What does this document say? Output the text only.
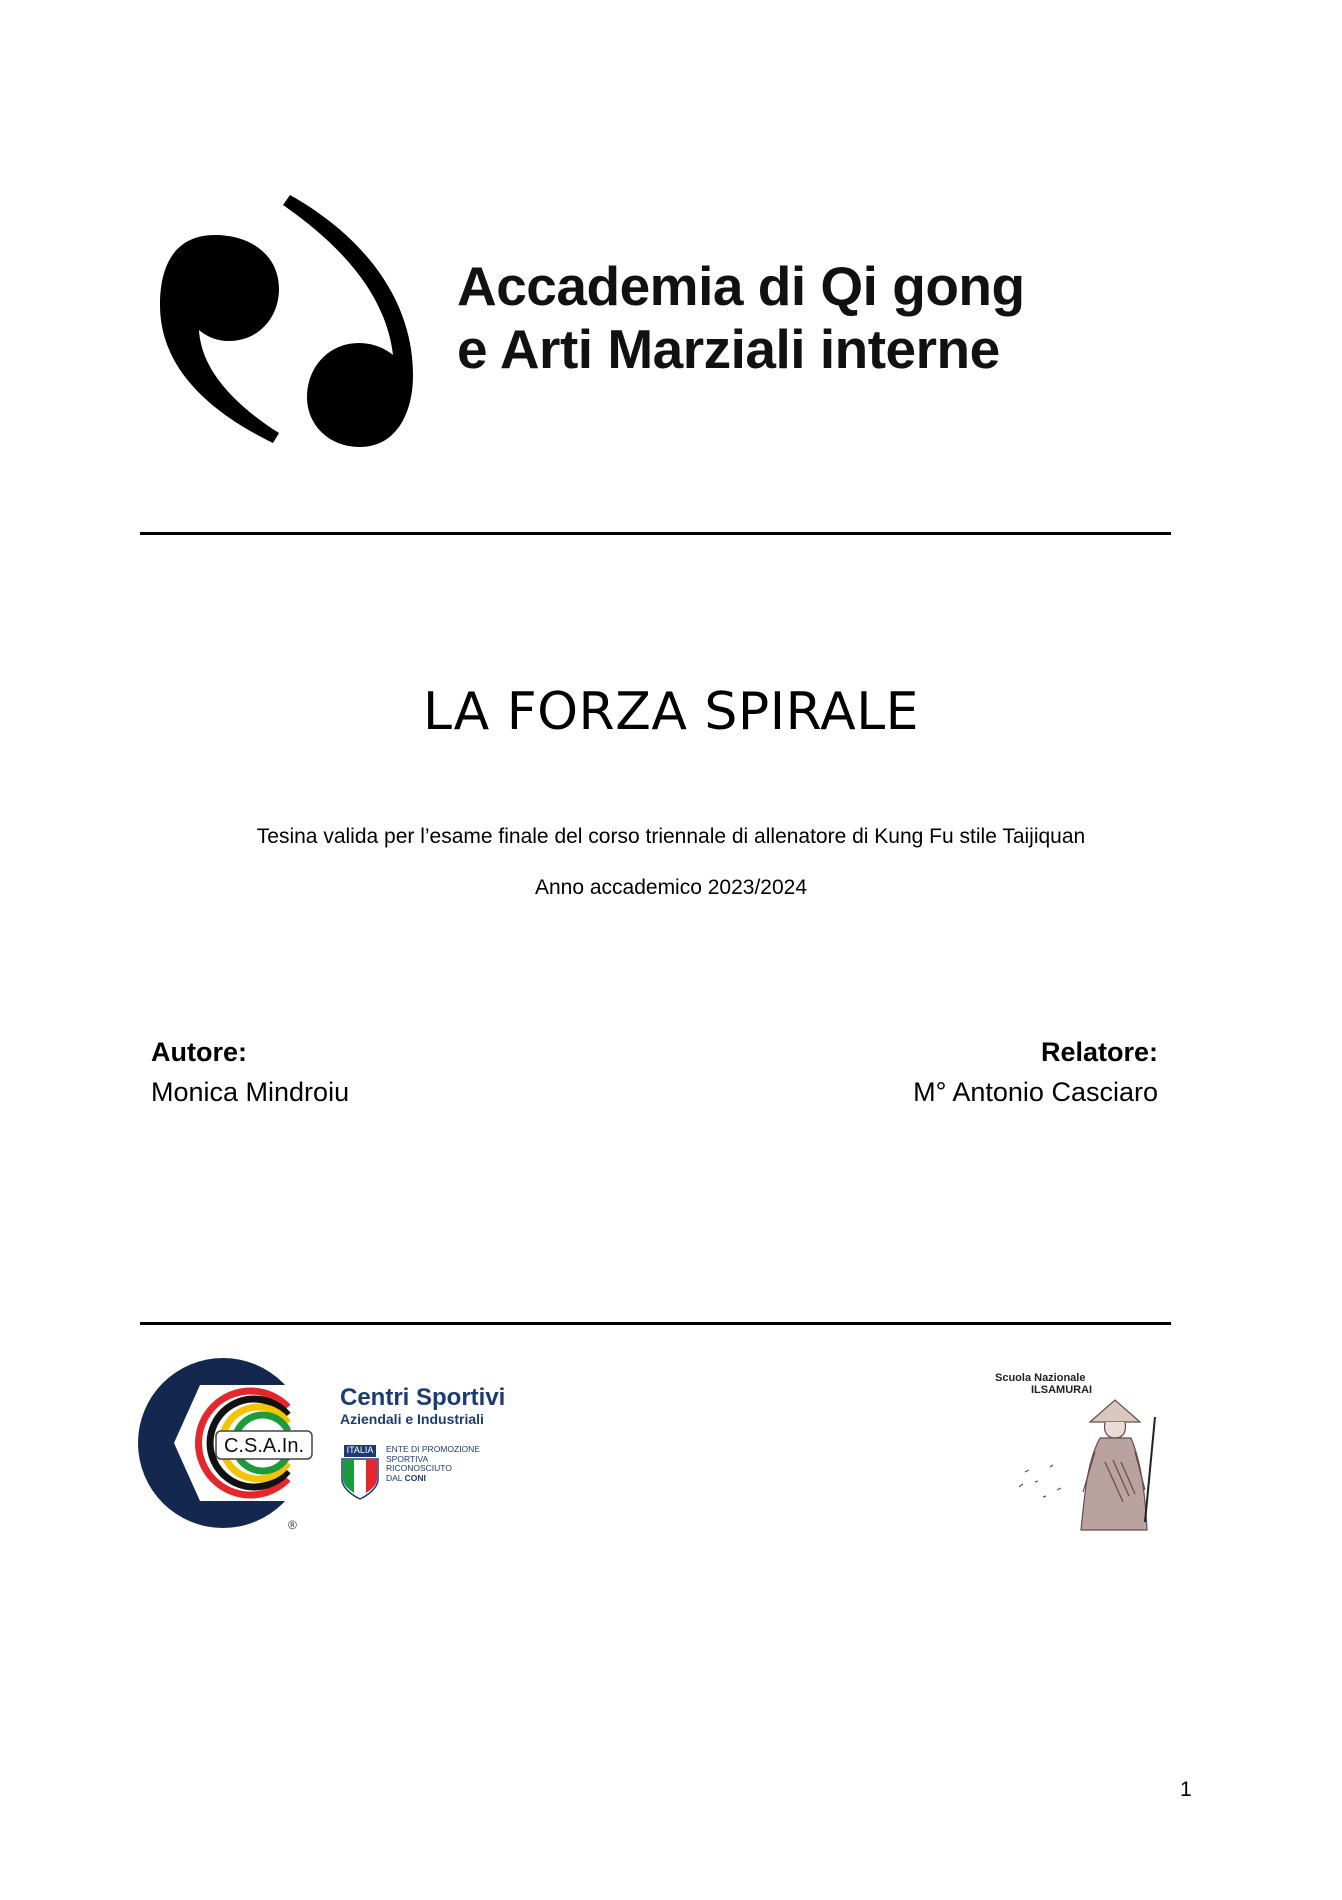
Accademia di Qi gong
e Arti Marziali interne
LA FORZA SPIRALE
Tesina valida per l’esame finale del corso triennale di allenatore di Kung Fu stile Taijiquan
Anno accademico 2023/2024
Autore:
Monica Mindroiu
Relatore:
M° Antonio Casciaro
C.S.A.In.
®
Centri Sportivi
Aziendali e Industriali
ITALIA	ENTE DI PROMOZIONE
SPORTIVA
RICONOSCIUTO
DAL CONI
Scuola Nazionale
ILSAMURAI
1
